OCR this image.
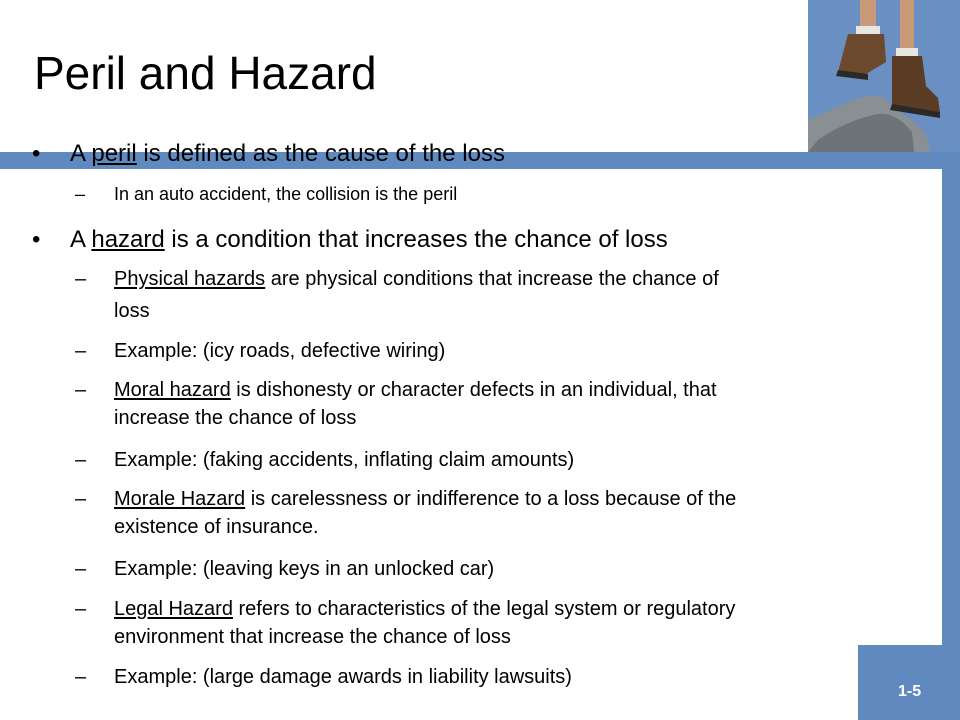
Peril and Hazard
• A peril is defined as the cause of the loss
– In an auto accident, the collision is the peril
• A hazard is a condition that increases the chance of loss
– Physical hazards are physical conditions that increase the chance of
loss
– Example: (icy roads, defective wiring)
– Moral hazard is dishonesty or character defects in an individual, that
increase the chance of loss
– Example: (faking accidents, inflating claim amounts)
– Morale Hazard is carelessness or indifference to a loss because of the
existence of insurance.
– Example: (leaving keys in an unlocked car)
– Legal Hazard refers to characteristics of the legal system or regulatory
environment that increase the chance of loss
– Example: (large damage awards in liability lawsuits)
1-5
